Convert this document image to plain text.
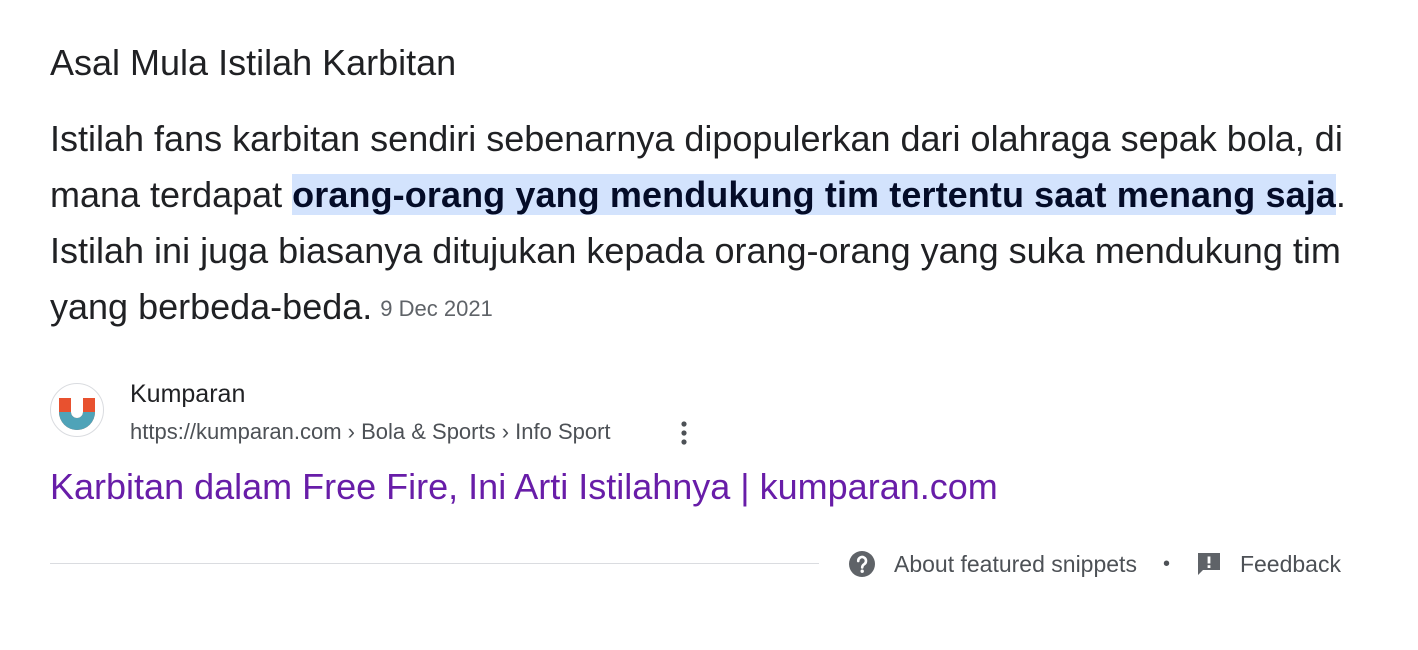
Asal Mula Istilah Karbitan
Istilah fans karbitan sendiri sebenarnya dipopulerkan dari olahraga sepak bola, di mana terdapat orang-orang yang mendukung tim tertentu saat menang saja. Istilah ini juga biasanya ditujukan kepada orang-orang yang suka mendukung tim yang berbeda-beda. 9 Dec 2021
Kumparan
https://kumparan.com › Bola & Sports › Info Sport
Karbitan dalam Free Fire, Ini Arti Istilahnya | kumparan.com
About featured snippets •	Feedback
